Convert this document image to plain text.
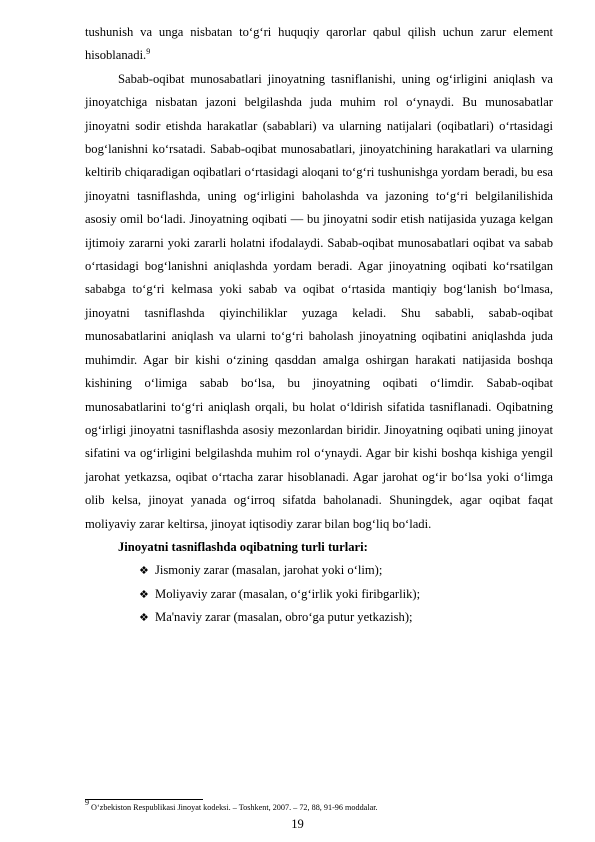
tushunish va unga nisbatan to‘g‘ri huquqiy qarorlar qabul qilish uchun zarur element hisoblanadi.$^9$

Sabab-oqibat munosabatlari jinoyatning tasniflanishi, uning og‘irligini aniqlash va jinoyatchiga nisbatan jazoni belgilashda juda muhim rol o‘ynaydi. Bu munosabatlar jinoyatni sodir etishda harakatlar (sabablari) va ularning natijalari (oqibatlari) o‘rtasidagi bog‘lanishni ko‘rsatadi. Sabab-oqibat munosabatlari, jinoyatchining harakatlari va ularning keltirib chiqaradigan oqibatlari o‘rtasidagi aloqani to‘g‘ri tushunishga yordam beradi, bu esa jinoyatni tasniflashda, uning og‘irligini baholashda va jazoning to‘g‘ri belgilanilishida asosiy omil bo‘ladi. Jinoyatning oqibati — bu jinoyatni sodir etish natijasida yuzaga kelgan ijtimoiy zararni yoki zararli holatni ifodalaydi. Sabab-oqibat munosabatlari oqibat va sabab o‘rtasidagi bog‘lanishni aniqlashda yordam beradi. Agar jinoyatning oqibati ko‘rsatilgan sababga to‘g‘ri kelmasa yoki sabab va oqibat o‘rtasida mantiqiy bog‘lanish bo‘lmasa, jinoyatni tasniflashda qiyinchiliklar yuzaga keladi. Shu sababli, sabab-oqibat munosabatlarini aniqlash va ularni to‘g‘ri baholash jinoyatning oqibatini aniqlashda juda muhimdir. Agar bir kishi o‘zining qasddan amalga oshirgan harakati natijasida boshqa kishining o‘limiga sabab bo‘lsa, bu jinoyatning oqibati o‘limdir. Sabab-oqibat munosabatlarini to‘g‘ri aniqlash orqali, bu holat o‘ldirish sifatida tasniflanadi. Oqibatning og‘irligi jinoyatni tasniflashda asosiy mezonlardan biridir. Jinoyatning oqibati uning jinoyat sifatini va og‘irligini belgilashda muhim rol o‘ynaydi. Agar bir kishi boshqa kishiga yengil jarohat yetkazsa, oqibat o‘rtacha zarar hisoblanadi. Agar jarohat og‘ir bo‘lsa yoki o‘limga olib kelsa, jinoyat yanada og‘irroq sifatda baholanadi. Shuningdek, agar oqibat faqat moliyaviy zarar keltirsa, jinoyat iqtisodiy zarar bilan bog‘liq bo‘ladi.

Jinoyatni tasniflashda oqibatning turli turlari:

❖ Jismoniy zarar (masalan, jarohat yoki o‘lim);
❖ Moliyaviy zarar (masalan, o‘g‘irlik yoki firibgarlik);
❖ Ma'naviy zarar (masalan, obro‘ga putur yetkazish);
$^9$ O‘zbekiston Respublikasi Jinoyat kodeksi. – Toshkent, 2007. – 72, 88, 91-96 moddalar.
19
